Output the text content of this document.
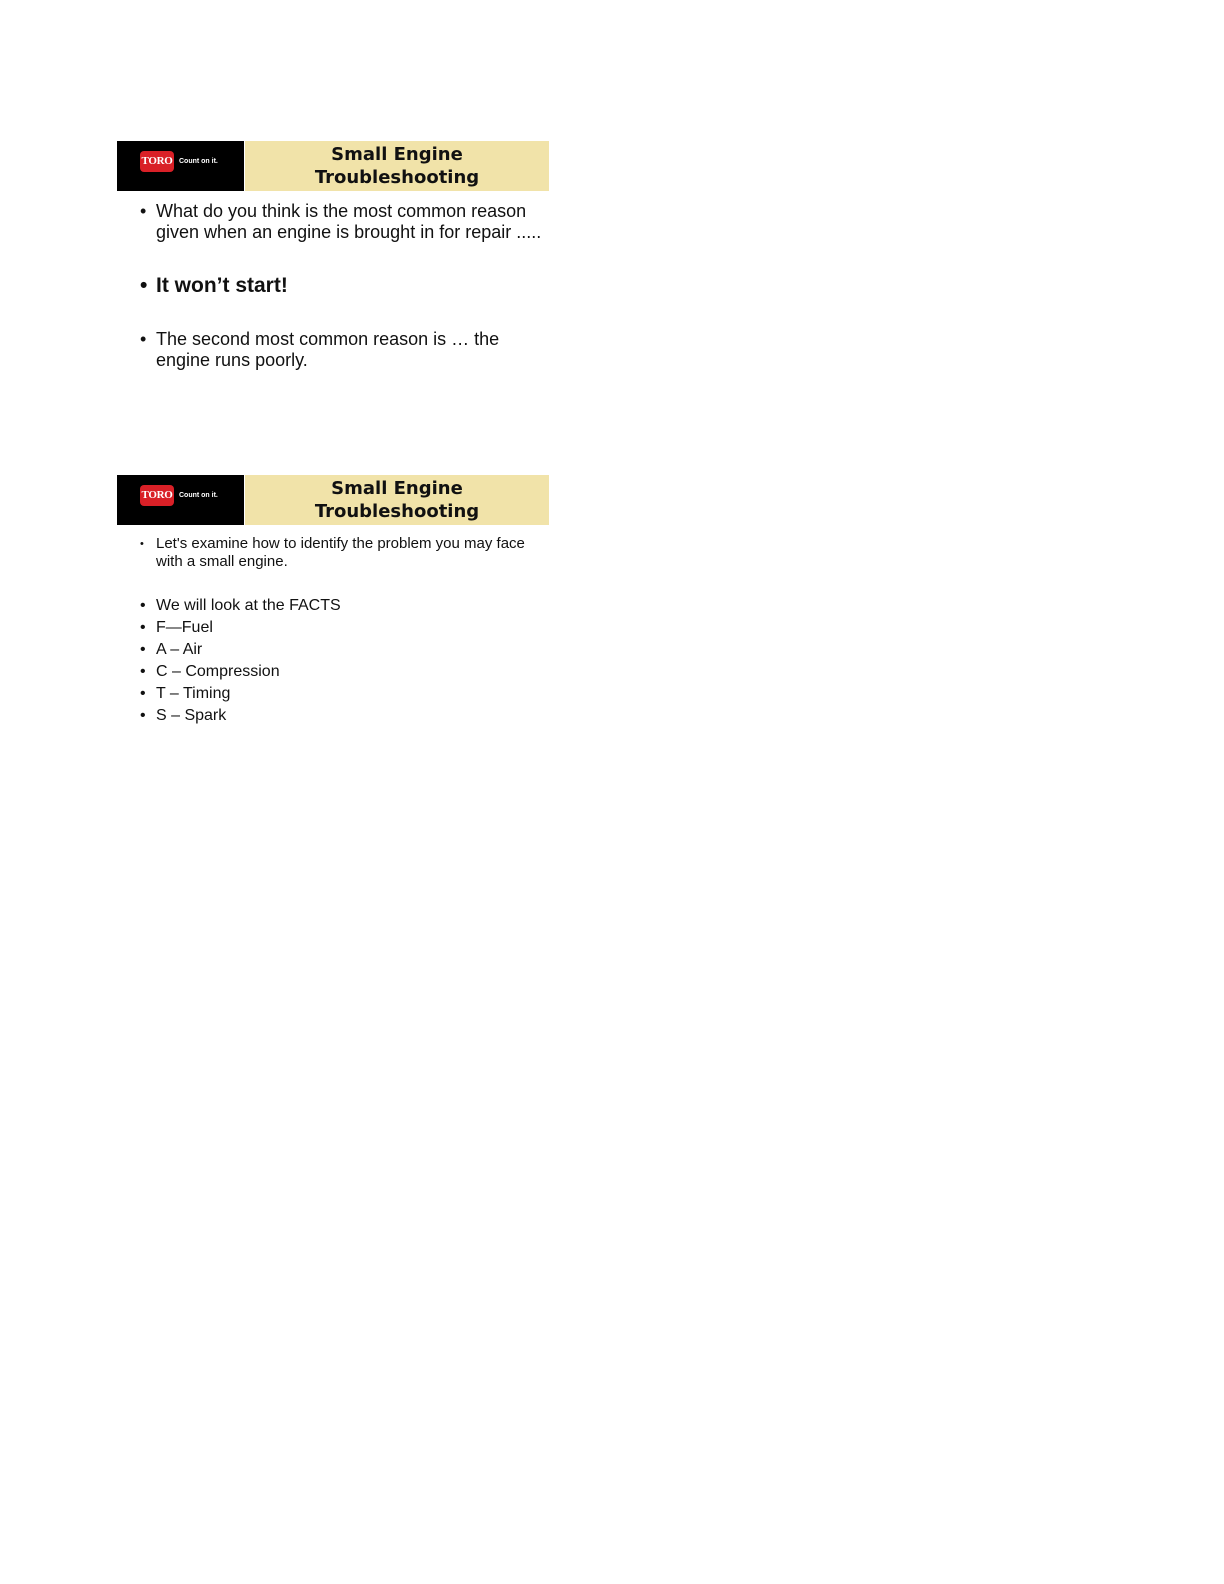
TORO Count on it.	Small Engine
Troubleshooting
• What do you think is the most common reason given when an engine is brought in for repair .....
• It won’t start!
• The second most common reason is … the engine runs poorly.
TORO Count on it.	Small Engine
Troubleshooting
• Let's examine how to identify the problem you may face with a small engine.
• We will look at the FACTS
• F—Fuel
• A – Air
• C – Compression
• T – Timing
• S – Spark
